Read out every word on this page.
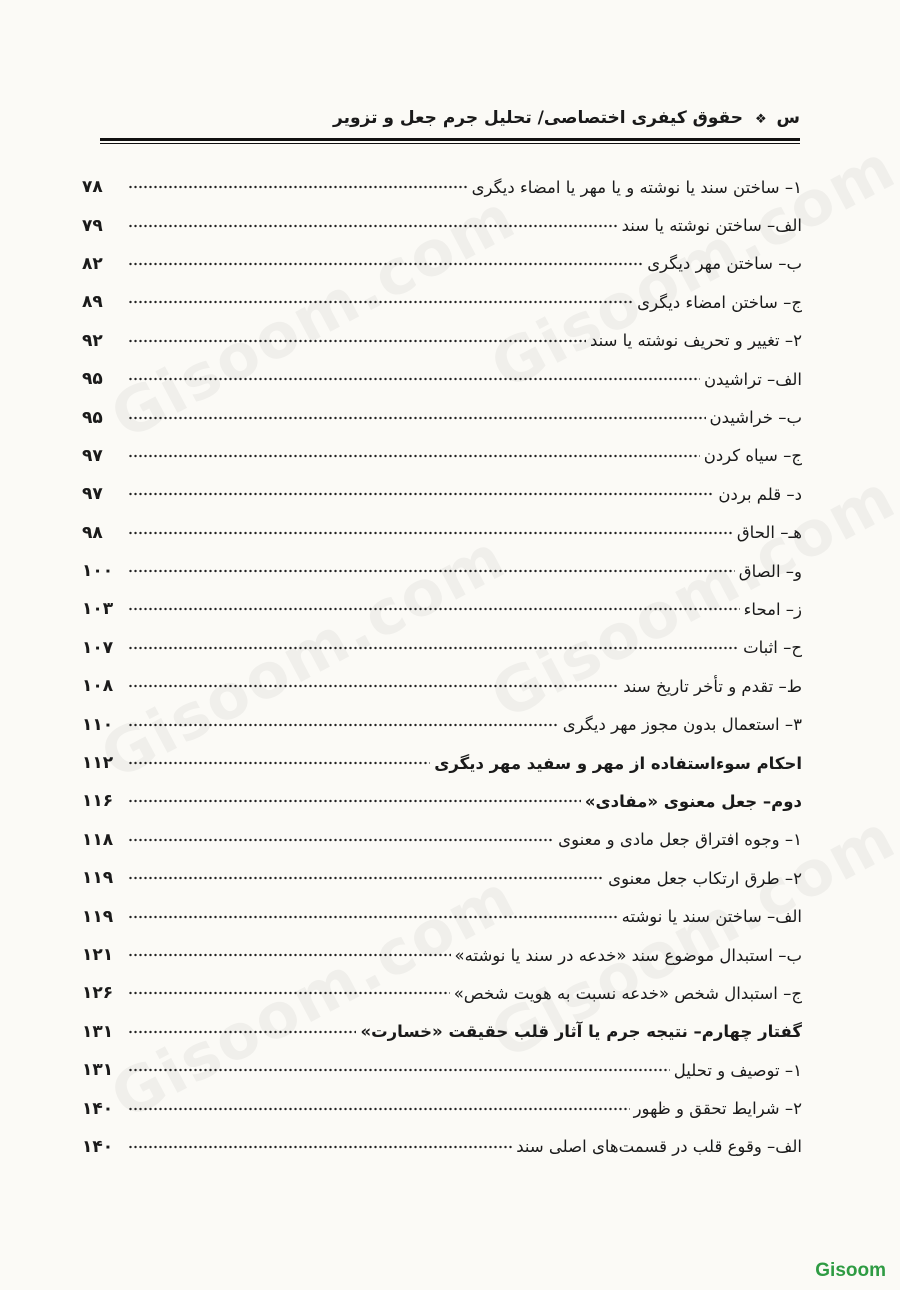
س ❖ حقوق کیفری اختصاصی/ تحلیل جرم جعل و تزویر
۱– ساختن سند یا نوشته و یا مهر یا امضاء دیگری
۷۸
الف– ساختن نوشته یا سند
۷۹
ب– ساختن مهر دیگری
۸۲
ج– ساختن امضاء دیگری
۸۹
۲– تغییر و تحریف نوشته یا سند
۹۲
الف– تراشیدن
۹۵
ب– خراشیدن
۹۵
ج– سیاه کردن
۹۷
د– قلم بردن
۹۷
هـ– الحاق
۹۸
و– الصاق
۱۰۰
ز– امحاء
۱۰۳
ح– اثبات
۱۰۷
ط– تقدم و تأخر تاریخ سند
۱۰۸
۳– استعمال بدون مجوز مهر دیگری
۱۱۰
احکام سوءاستفاده از مهر و سفید مهر دیگری
۱۱۲
دوم– جعل معنوی «مفادی»
۱۱۶
۱– وجوه افتراق جعل مادی و معنوی
۱۱۸
۲– طرق ارتکاب جعل معنوی
۱۱۹
الف– ساختن سند یا نوشته
۱۱۹
ب– استبدال موضوع سند «خدعه در سند یا نوشته»
۱۲۱
ج– استبدال شخص «خدعه نسبت به هویت شخص»
۱۲۶
گفتار چهارم– نتیجه جرم یا آثار قلب حقیقت «خسارت»
۱۳۱
۱– توصیف و تحلیل
۱۳۱
۲– شرایط تحقق و ظهور
۱۴۰
الف– وقوع قلب در قسمت‌های اصلی سند
۱۴۰
Gisoom
